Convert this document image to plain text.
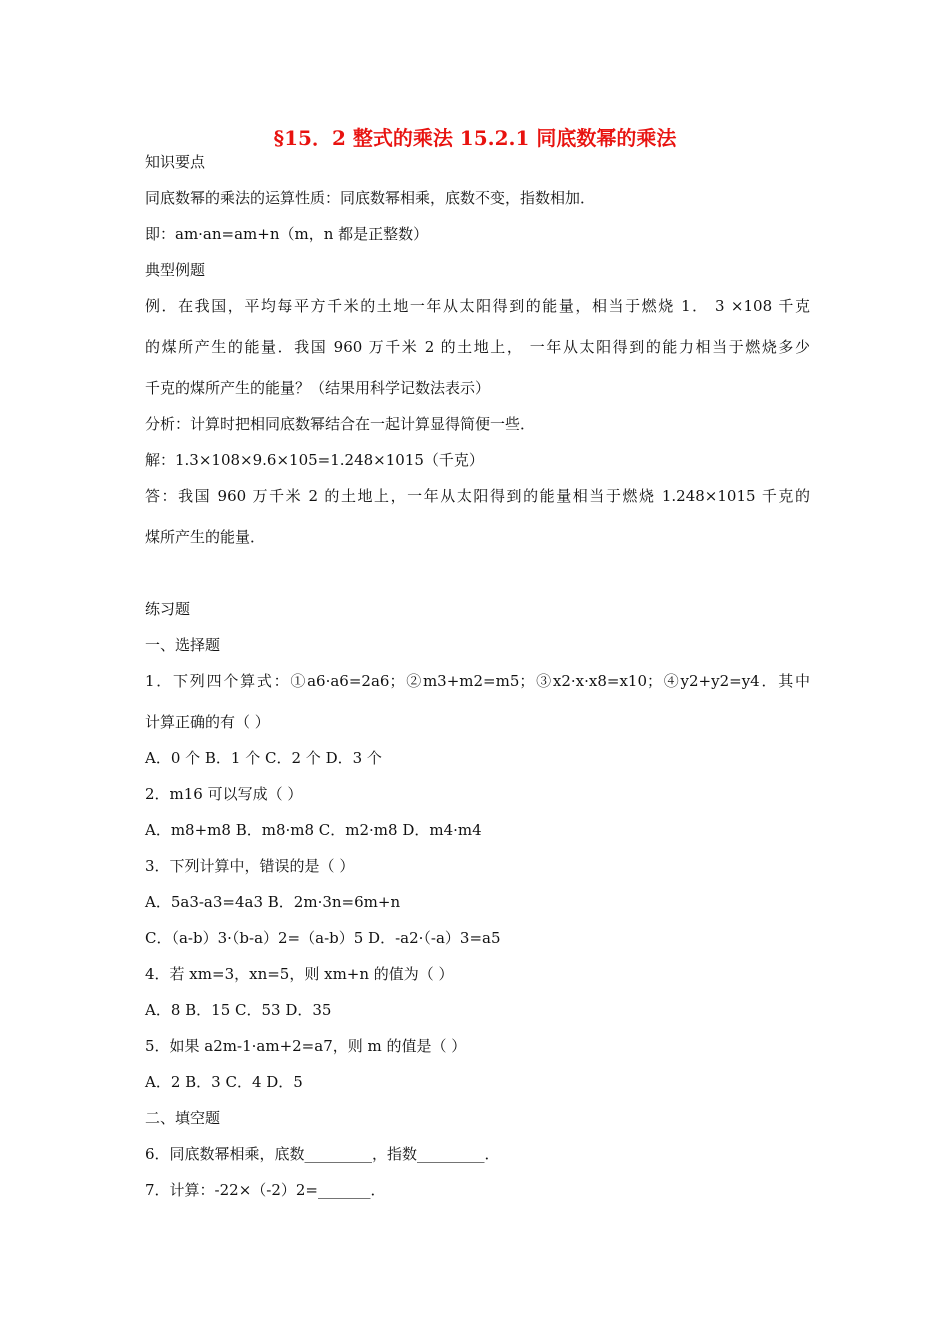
§15．2 整式的乘法 15.2.1 同底数幂的乘法
知识要点
同底数幂的乘法的运算性质：同底数幂相乘，底数不变，指数相加．
即：am·an=am+n（m，n 都是正整数）
典型例题
例．在我国，平均每平方千米的土地一年从太阳得到的能量，相当于燃烧 1． 3 ×108 千克
的煤所产生的能量．我国 960 万千米 2 的土地上， 一年从太阳得到的能力相当于燃烧多少
千克的煤所产生的能量？（结果用科学记数法表示）
分析：计算时把相同底数幂结合在一起计算显得简便一些．
解：1.3×108×9.6×105=1.248×1015（千克）
答：我国 960 万千米 2 的土地上，一年从太阳得到的能量相当于燃烧 1.248×1015 千克的
煤所产生的能量．
练习题
一、选择题
1．下列四个算式：①a6·a6=2a6；②m3+m2=m5；③x2·x·x8=x10；④y2+y2=y4．其中
计算正确的有（ ）
A．0 个 B．1 个 C．2 个 D．3 个
2．m16 可以写成（ ）
A．m8+m8 B．m8·m8 C．m2·m8 D．m4·m4
3．下列计算中，错误的是（ ）
A．5a3-a3=4a3 B．2m·3n=6m+n
C．（a-b）3·（b-a）2=（a-b）5 D．-a2·（-a）3=a5
4．若 xm=3，xn=5，则 xm+n 的值为（ ）
A．8 B．15 C．53 D．35
5．如果 a2m-1·am+2=a7，则 m 的值是（ ）
A．2 B．3 C．4 D．5
二、填空题
6．同底数幂相乘，底数_________，指数_________．
7．计算：-22×（-2）2=_______．
